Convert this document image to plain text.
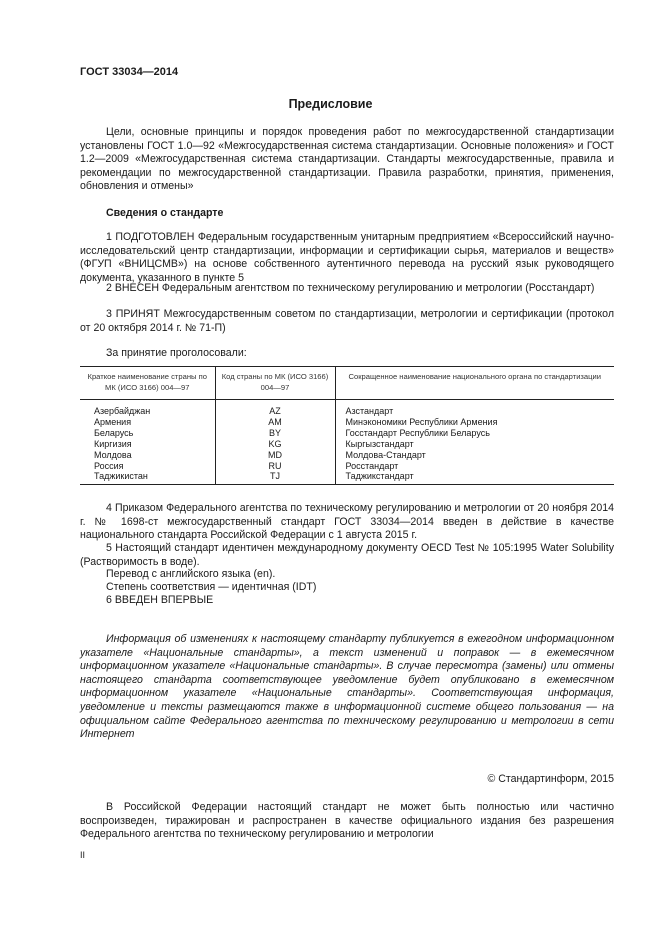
ГОСТ 33034—2014
Предисловие

Цели, основные принципы и порядок проведения работ по межгосударственной стандартизации установлены ГОСТ 1.0—92 «Межгосударственная система стандартизации. Основные положения» и ГОСТ 1.2—2009 «Межгосударственная система стандартизации. Стандарты межгосударственные, правила и рекомендации по межгосударственной стандартизации. Правила разработки, принятия, применения, обновления и отмены»

Сведения о стандарте

1 ПОДГОТОВЛЕН Федеральным государственным унитарным предприятием «Всероссийский научно-исследовательский центр стандартизации, информации и сертификации сырья, материалов и веществ» (ФГУП «ВНИЦСМВ») на основе собственного аутентичного перевода на русский язык руководящего документа, указанного в пункте 5

2 ВНЕСЕН Федеральным агентством по техническому регулированию и метрологии (Росстандарт)

3 ПРИНЯТ Межгосударственным советом по стандартизации, метрологии и сертификации (протокол от 20 октября 2014 г. № 71-П)

За принятие проголосовали:
Краткое наименование страны по МК (ИСО 3166) 004—97	Код страны по МК (ИСО 3166) 004—97	Сокращенное наименование национального органа по стандартизации
Азербайджан	AZ	Азстандарт
Армения	AM	Минэкономики Республики Армения
Беларусь	BY	Госстандарт Республики Беларусь
Киргизия	KG	Кыргызстандарт
Молдова	MD	Молдова-Стандарт
Россия	RU	Росстандарт
Таджикистан	TJ	Таджикстандарт

4 Приказом Федерального агентства по техническому регулированию и метрологии от 20 ноября 2014 г. № 1698-ст межгосударственный стандарт ГОСТ 33034—2014 введен в действие в качестве национального стандарта Российской Федерации с 1 августа 2015 г.

5 Настоящий стандарт идентичен международному документу OECD Test № 105:1995 Water Solubility (Растворимость в воде).

Перевод с английского языка (en).
Степень соответствия — идентичная (IDT)
6 ВВЕДЕН ВПЕРВЫЕ

Информация об изменениях к настоящему стандарту публикуется в ежегодном информационном указателе «Национальные стандарты», а текст изменений и поправок — в ежемесячном информационном указателе «Национальные стандарты». В случае пересмотра (замены) или отмены настоящего стандарта соответствующее уведомление будет опубликовано в ежемесячном информационном указателе «Национальные стандарты». Соответствующая информация, уведомление и тексты размещаются также в информационной системе общего пользования — на официальном сайте Федерального агентства по техническому регулированию и метрологии в сети Интернет

© Стандартинформ, 2015

В Российской Федерации настоящий стандарт не может быть полностью или частично воспроизведен, тиражирован и распространен в качестве официального издания без разрешения Федерального агентства по техническому регулированию и метрологии

II
